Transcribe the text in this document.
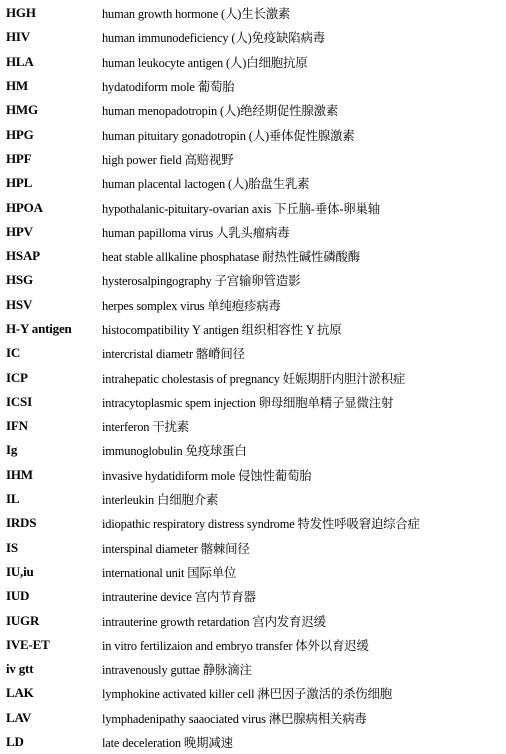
HGH	human growth hormone (人)生长激素
HIV	human immunodeficiency (人)免疫缺陷病毒
HLA	human leukocyte antigen (人)白细胞抗原
HM	hydatodiform mole 葡萄胎
HMG	human menopadotropin (人)绝经期促性腺激素
HPG	human pituitary gonadotropin (人)垂体促性腺激素
HPF	high power field 高赔视野
HPL	human placental lactogen (人)胎盘生乳素
HPOA	hypothalanic-pituitary-ovarian axis 下丘脑-垂体-卵巢轴
HPV	human papilloma virus 人乳头瘤病毒
HSAP	heat stable allkaline phosphatase 耐热性碱性磷酸酶
HSG	hysterosalpingography 子宫输卵管造影
HSV	herpes somplex virus 单纯疱疹病毒
H-Y antigen	histocompatibility Y antigen 组织相容性 Y 抗原
IC	intercristal diametr 髂嵴间径
ICP	intrahepatic cholestasis of pregnancy 妊娠期肝内胆汁淤积症
ICSI	intracytoplasmic spem injection 卵母细胞单精子显微注射
IFN	interferon 干扰素
Ig	immunoglobulin 免疫球蛋白
IHM	invasive hydatidiform mole 侵蚀性葡萄胎
IL	interleukin 白细胞介素
IRDS	idiopathic respiratory distress syndrome 特发性呼吸窘迫综合症
IS	interspinal diameter 髂棘间径
IU,iu	international unit 国际单位
IUD	intrauterine device 宫内节育器
IUGR	intrauterine growth retardation 宫内发育迟缓
IVE-ET	in vitro fertilizaion and embryo transfer 体外以育迟缓
iv gtt	intravenously guttae 静脉滴注
LAK	lymphokine activated killer cell 淋巴因子激活的杀伤细胞
LAV	lymphadenipathy saaociated virus 淋巴腺病相关病毒
LD	late deceleration 晚期减速
